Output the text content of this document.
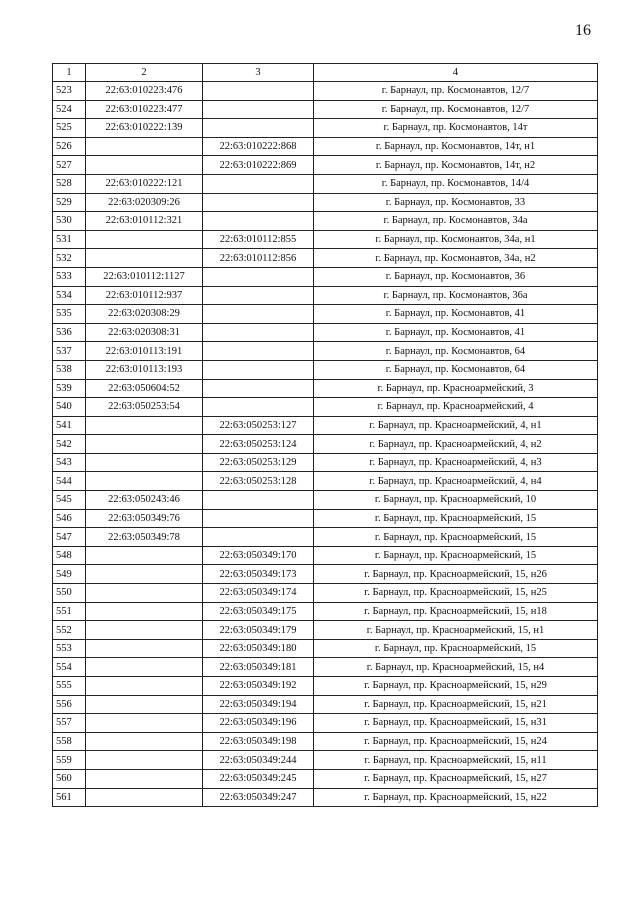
16
1	2	3	4
523	22:63:010223:476		г. Барнаул, пр. Космонавтов, 12/7
524	22:63:010223:477		г. Барнаул, пр. Космонавтов, 12/7
525	22:63:010222:139		г. Барнаул, пр. Космонавтов, 14т
526		22:63:010222:868	г. Барнаул, пр. Космонавтов, 14т, н1
527		22:63:010222:869	г. Барнаул, пр. Космонавтов, 14т, н2
528	22:63:010222:121		г. Барнаул, пр. Космонавтов, 14/4
529	22:63:020309:26		г. Барнаул, пр. Космонавтов, 33
530	22:63:010112:321		г. Барнаул, пр. Космонавтов, 34а
531		22:63:010112:855	г. Барнаул, пр. Космонавтов, 34а, н1
532		22:63:010112:856	г. Барнаул, пр. Космонавтов, 34а, н2
533	22:63:010112:1127		г. Барнаул, пр. Космонавтов, 36
534	22:63:010112:937		г. Барнаул, пр. Космонавтов, 36а
535	22:63:020308:29		г. Барнаул, пр. Космонавтов, 41
536	22:63:020308:31		г. Барнаул, пр. Космонавтов, 41
537	22:63:010113:191		г. Барнаул, пр. Космонавтов, 64
538	22:63:010113:193		г. Барнаул, пр. Космонавтов, 64
539	22:63:050604:52		г. Барнаул, пр. Красноармейский, 3
540	22:63:050253:54		г. Барнаул, пр. Красноармейский, 4
541		22:63:050253:127	г. Барнаул, пр. Красноармейский, 4, н1
542		22:63:050253:124	г. Барнаул, пр. Красноармейский, 4, н2
543		22:63:050253:129	г. Барнаул, пр. Красноармейский, 4, н3
544		22:63:050253:128	г. Барнаул, пр. Красноармейский, 4, н4
545	22:63:050243:46		г. Барнаул, пр. Красноармейский, 10
546	22:63:050349:76		г. Барнаул, пр. Красноармейский, 15
547	22:63:050349:78		г. Барнаул, пр. Красноармейский, 15
548		22:63:050349:170	г. Барнаул, пр. Красноармейский, 15
549		22:63:050349:173	г. Барнаул, пр. Красноармейский, 15, н26
550		22:63:050349:174	г. Барнаул, пр. Красноармейский, 15, н25
551		22:63:050349:175	г. Барнаул, пр. Красноармейский, 15, н18
552		22:63:050349:179	г. Барнаул, пр. Красноармейский, 15, н1
553		22:63:050349:180	г. Барнаул, пр. Красноармейский, 15
554		22:63:050349:181	г. Барнаул, пр. Красноармейский, 15, н4
555		22:63:050349:192	г. Барнаул, пр. Красноармейский, 15, н29
556		22:63:050349:194	г. Барнаул, пр. Красноармейский, 15, н21
557		22:63:050349:196	г. Барнаул, пр. Красноармейский, 15, н31
558		22:63:050349:198	г. Барнаул, пр. Красноармейский, 15, н24
559		22:63:050349:244	г. Барнаул, пр. Красноармейский, 15, н11
560		22:63:050349:245	г. Барнаул, пр. Красноармейский, 15, н27
561		22:63:050349:247	г. Барнаул, пр. Красноармейский, 15, н22
